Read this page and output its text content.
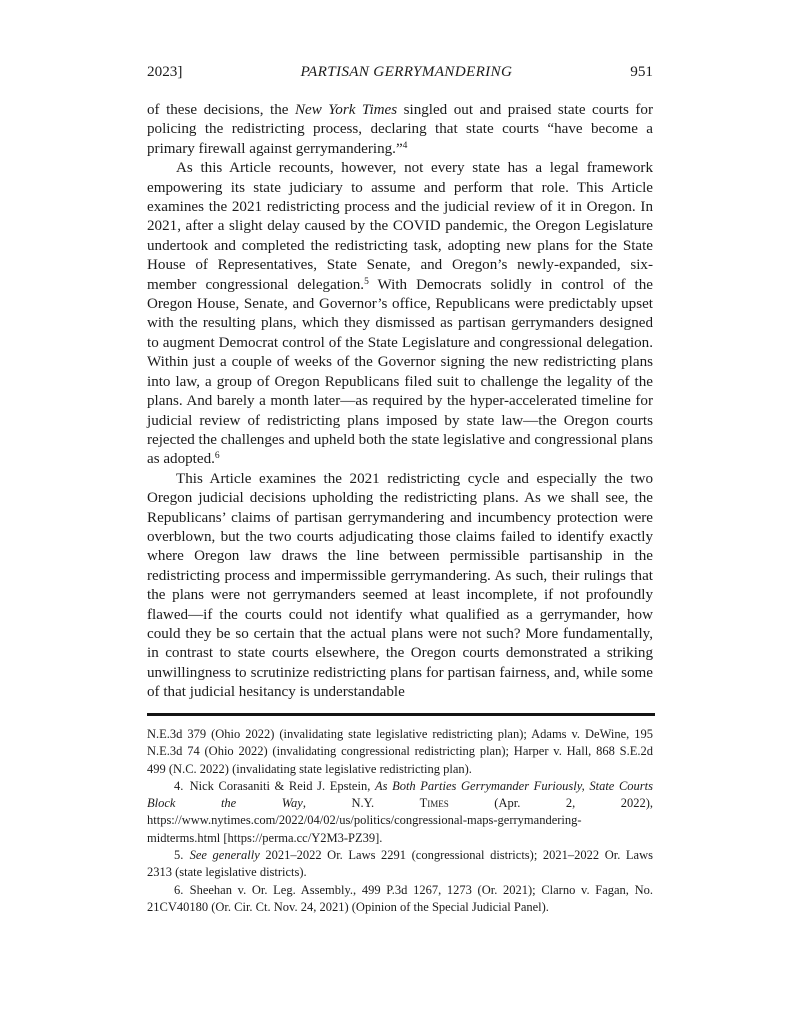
2023]	PARTISAN GERRYMANDERING	951

of these decisions, the New York Times singled out and praised state courts for policing the redistricting process, declaring that state courts “have become a primary firewall against gerrymandering.”$^4$

As this Article recounts, however, not every state has a legal framework empowering its state judiciary to assume and perform that role. This Article examines the 2021 redistricting process and the judicial review of it in Oregon. In 2021, after a slight delay caused by the COVID pandemic, the Oregon Legislature undertook and completed the redistricting task, adopting new plans for the State House of Representatives, State Senate, and Oregon’s newly-expanded, six-member congressional delegation.$^5$ With Democrats solidly in control of the Oregon House, Senate, and Governor’s office, Republicans were predictably upset with the resulting plans, which they dismissed as partisan gerrymanders designed to augment Democrat control of the State Legislature and congressional delegation. Within just a couple of weeks of the Governor signing the new redistricting plans into law, a group of Oregon Republicans filed suit to challenge the legality of the plans. And barely a month later—as required by the hyper-accelerated timeline for judicial review of redistricting plans imposed by state law—the Oregon courts rejected the challenges and upheld both the state legislative and congressional plans as adopted.$^6$

This Article examines the 2021 redistricting cycle and especially the two Oregon judicial decisions upholding the redistricting plans. As we shall see, the Republicans’ claims of partisan gerrymandering and incumbency protection were overblown, but the two courts adjudicating those claims failed to identify exactly where Oregon law draws the line between permissible partisanship in the redistricting process and impermissible gerrymandering. As such, their rulings that the plans were not gerrymanders seemed at least incomplete, if not profoundly flawed—if the courts could not identify what qualified as a gerrymander, how could they be so certain that the actual plans were not such? More fundamentally, in contrast to state courts elsewhere, the Oregon courts demonstrated a striking unwillingness to scrutinize redistricting plans for partisan fairness, and, while some of that judicial hesitancy is understandable

N.E.3d 379 (Ohio 2022) (invalidating state legislative redistricting plan); Adams v. DeWine, 195 N.E.3d 74 (Ohio 2022) (invalidating congressional redistricting plan); Harper v. Hall, 868 S.E.2d 499 (N.C. 2022) (invalidating state legislative redistricting plan).

4. Nick Corasaniti & Reid J. Epstein, As Both Parties Gerrymander Furiously, State Courts Block the Way, N.Y. Times (Apr. 2, 2022), https://www.nytimes.com/2022/04/02/us/politics/congressional-maps-gerrymandering-midterms.html [https://perma.cc/Y2M3-PZ39].

5. See generally 2021–2022 Or. Laws 2291 (congressional districts); 2021–2022 Or. Laws 2313 (state legislative districts).

6. Sheehan v. Or. Leg. Assembly., 499 P.3d 1267, 1273 (Or. 2021); Clarno v. Fagan, No. 21CV40180 (Or. Cir. Ct. Nov. 24, 2021) (Opinion of the Special Judicial Panel).
